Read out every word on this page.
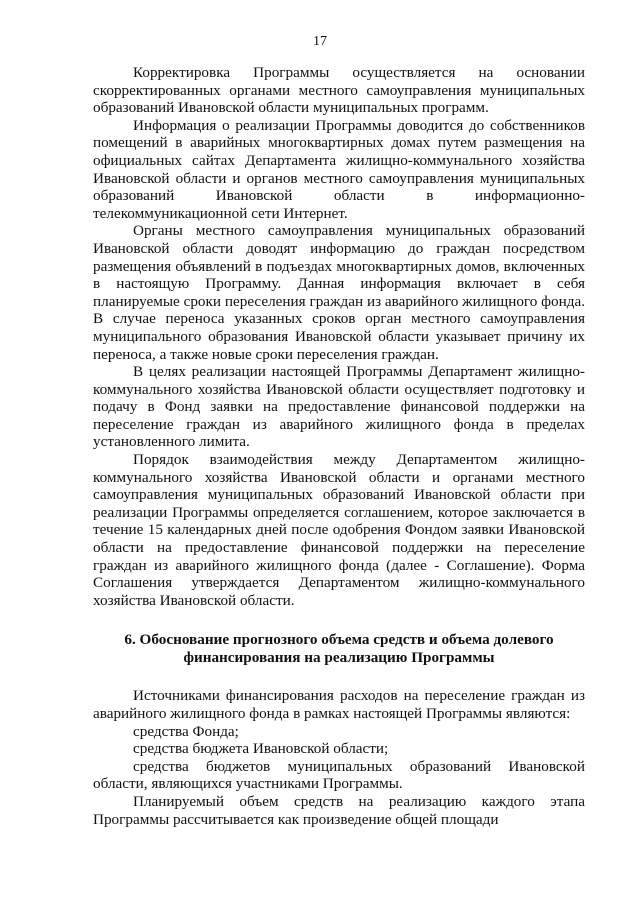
17

Корректировка Программы осуществляется на основании скорректированных органами местного самоуправления муниципальных образований Ивановской области муниципальных программ.

Информация о реализации Программы доводится до собственников помещений в аварийных многоквартирных домах путем размещения на официальных сайтах Департамента жилищно-коммунального хозяйства Ивановской области и органов местного самоуправления муниципальных образований Ивановской области в информационно-телекоммуникационной сети Интернет.

Органы местного самоуправления муниципальных образований Ивановской области доводят информацию до граждан посредством размещения объявлений в подъездах многоквартирных домов, включенных в настоящую Программу. Данная информация включает в себя планируемые сроки переселения граждан из аварийного жилищного фонда. В случае переноса указанных сроков орган местного самоуправления муниципального образования Ивановской области указывает причину их переноса, а также новые сроки переселения граждан.

В целях реализации настоящей Программы Департамент жилищно-коммунального хозяйства Ивановской области осуществляет подготовку и подачу в Фонд заявки на предоставление финансовой поддержки на переселение граждан из аварийного жилищного фонда в пределах установленного лимита.

Порядок взаимодействия между Департаментом жилищно-коммунального хозяйства Ивановской области и органами местного самоуправления муниципальных образований Ивановской области при реализации Программы определяется соглашением, которое заключается в течение 15 календарных дней после одобрения Фондом заявки Ивановской области на предоставление финансовой поддержки на переселение граждан из аварийного жилищного фонда (далее - Соглашение). Форма Соглашения утверждается Департаментом жилищно-коммунального хозяйства Ивановской области.

6. Обоснование прогнозного объема средств и объема долевого
финансирования на реализацию Программы

Источниками финансирования расходов на переселение граждан из аварийного жилищного фонда в рамках настоящей Программы являются:

средства Фонда;

средства бюджета Ивановской области;

средства бюджетов муниципальных образований Ивановской области, являющихся участниками Программы.

Планируемый объем средств на реализацию каждого этапа Программы рассчитывается как произведение общей площади
